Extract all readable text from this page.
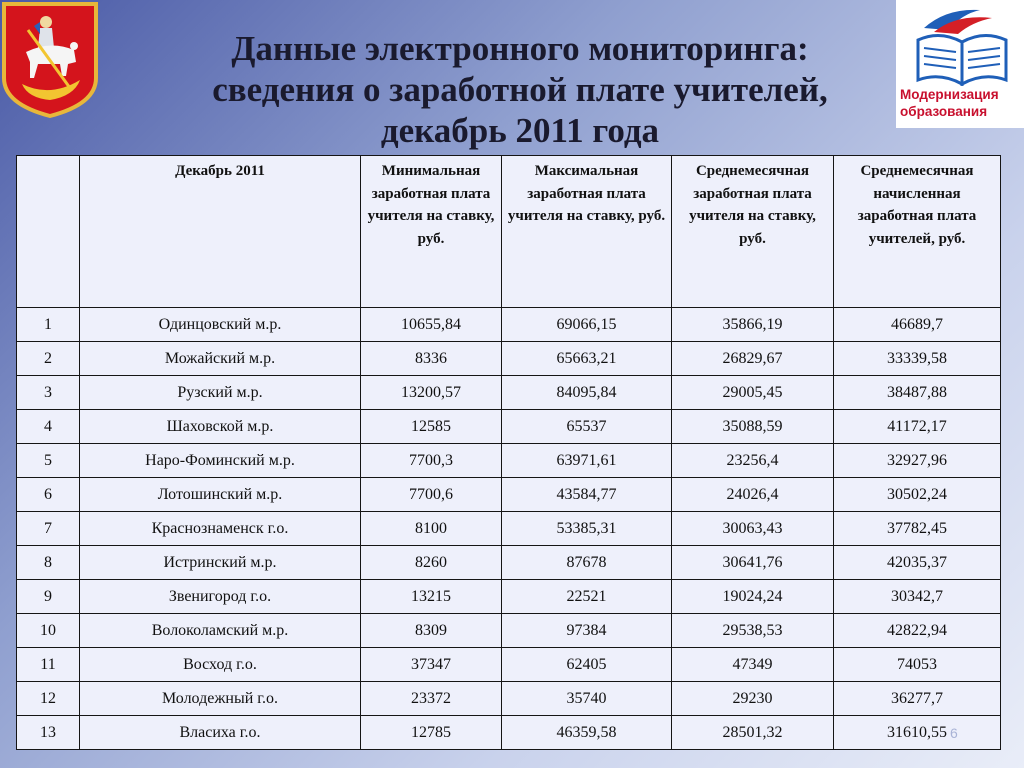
Модернизация
образования
Данные электронного мониторинга:
сведения о заработной плате учителей,
декабрь 2011 года
	Декабрь 2011	Минимальная заработная плата учителя на ставку, руб.	Максимальная заработная плата учителя на ставку, руб.	Среднемесячная заработная плата учителя на ставку, руб.	Среднемесячная начисленная заработная плата учителей, руб.
1	Одинцовский м.р.	10655,84	69066,15	35866,19	46689,7
2	Можайский м.р.	8336	65663,21	26829,67	33339,58
3	Рузский м.р.	13200,57	84095,84	29005,45	38487,88
4	Шаховской м.р.	12585	65537	35088,59	41172,17
5	Наро-Фоминский м.р.	7700,3	63971,61	23256,4	32927,96
6	Лотошинский м.р.	7700,6	43584,77	24026,4	30502,24
7	Краснознаменск г.о.	8100	53385,31	30063,43	37782,45
8	Истринский м.р.	8260	87678	30641,76	42035,37
9	Звенигород г.о.	13215	22521	19024,24	30342,7
10	Волоколамский м.р.	8309	97384	29538,53	42822,94
11	Восход г.о.	37347	62405	47349	74053
12	Молодежный г.о.	23372	35740	29230	36277,7
13	Власиха г.о.	12785	46359,58	28501,32	31610,55 6
